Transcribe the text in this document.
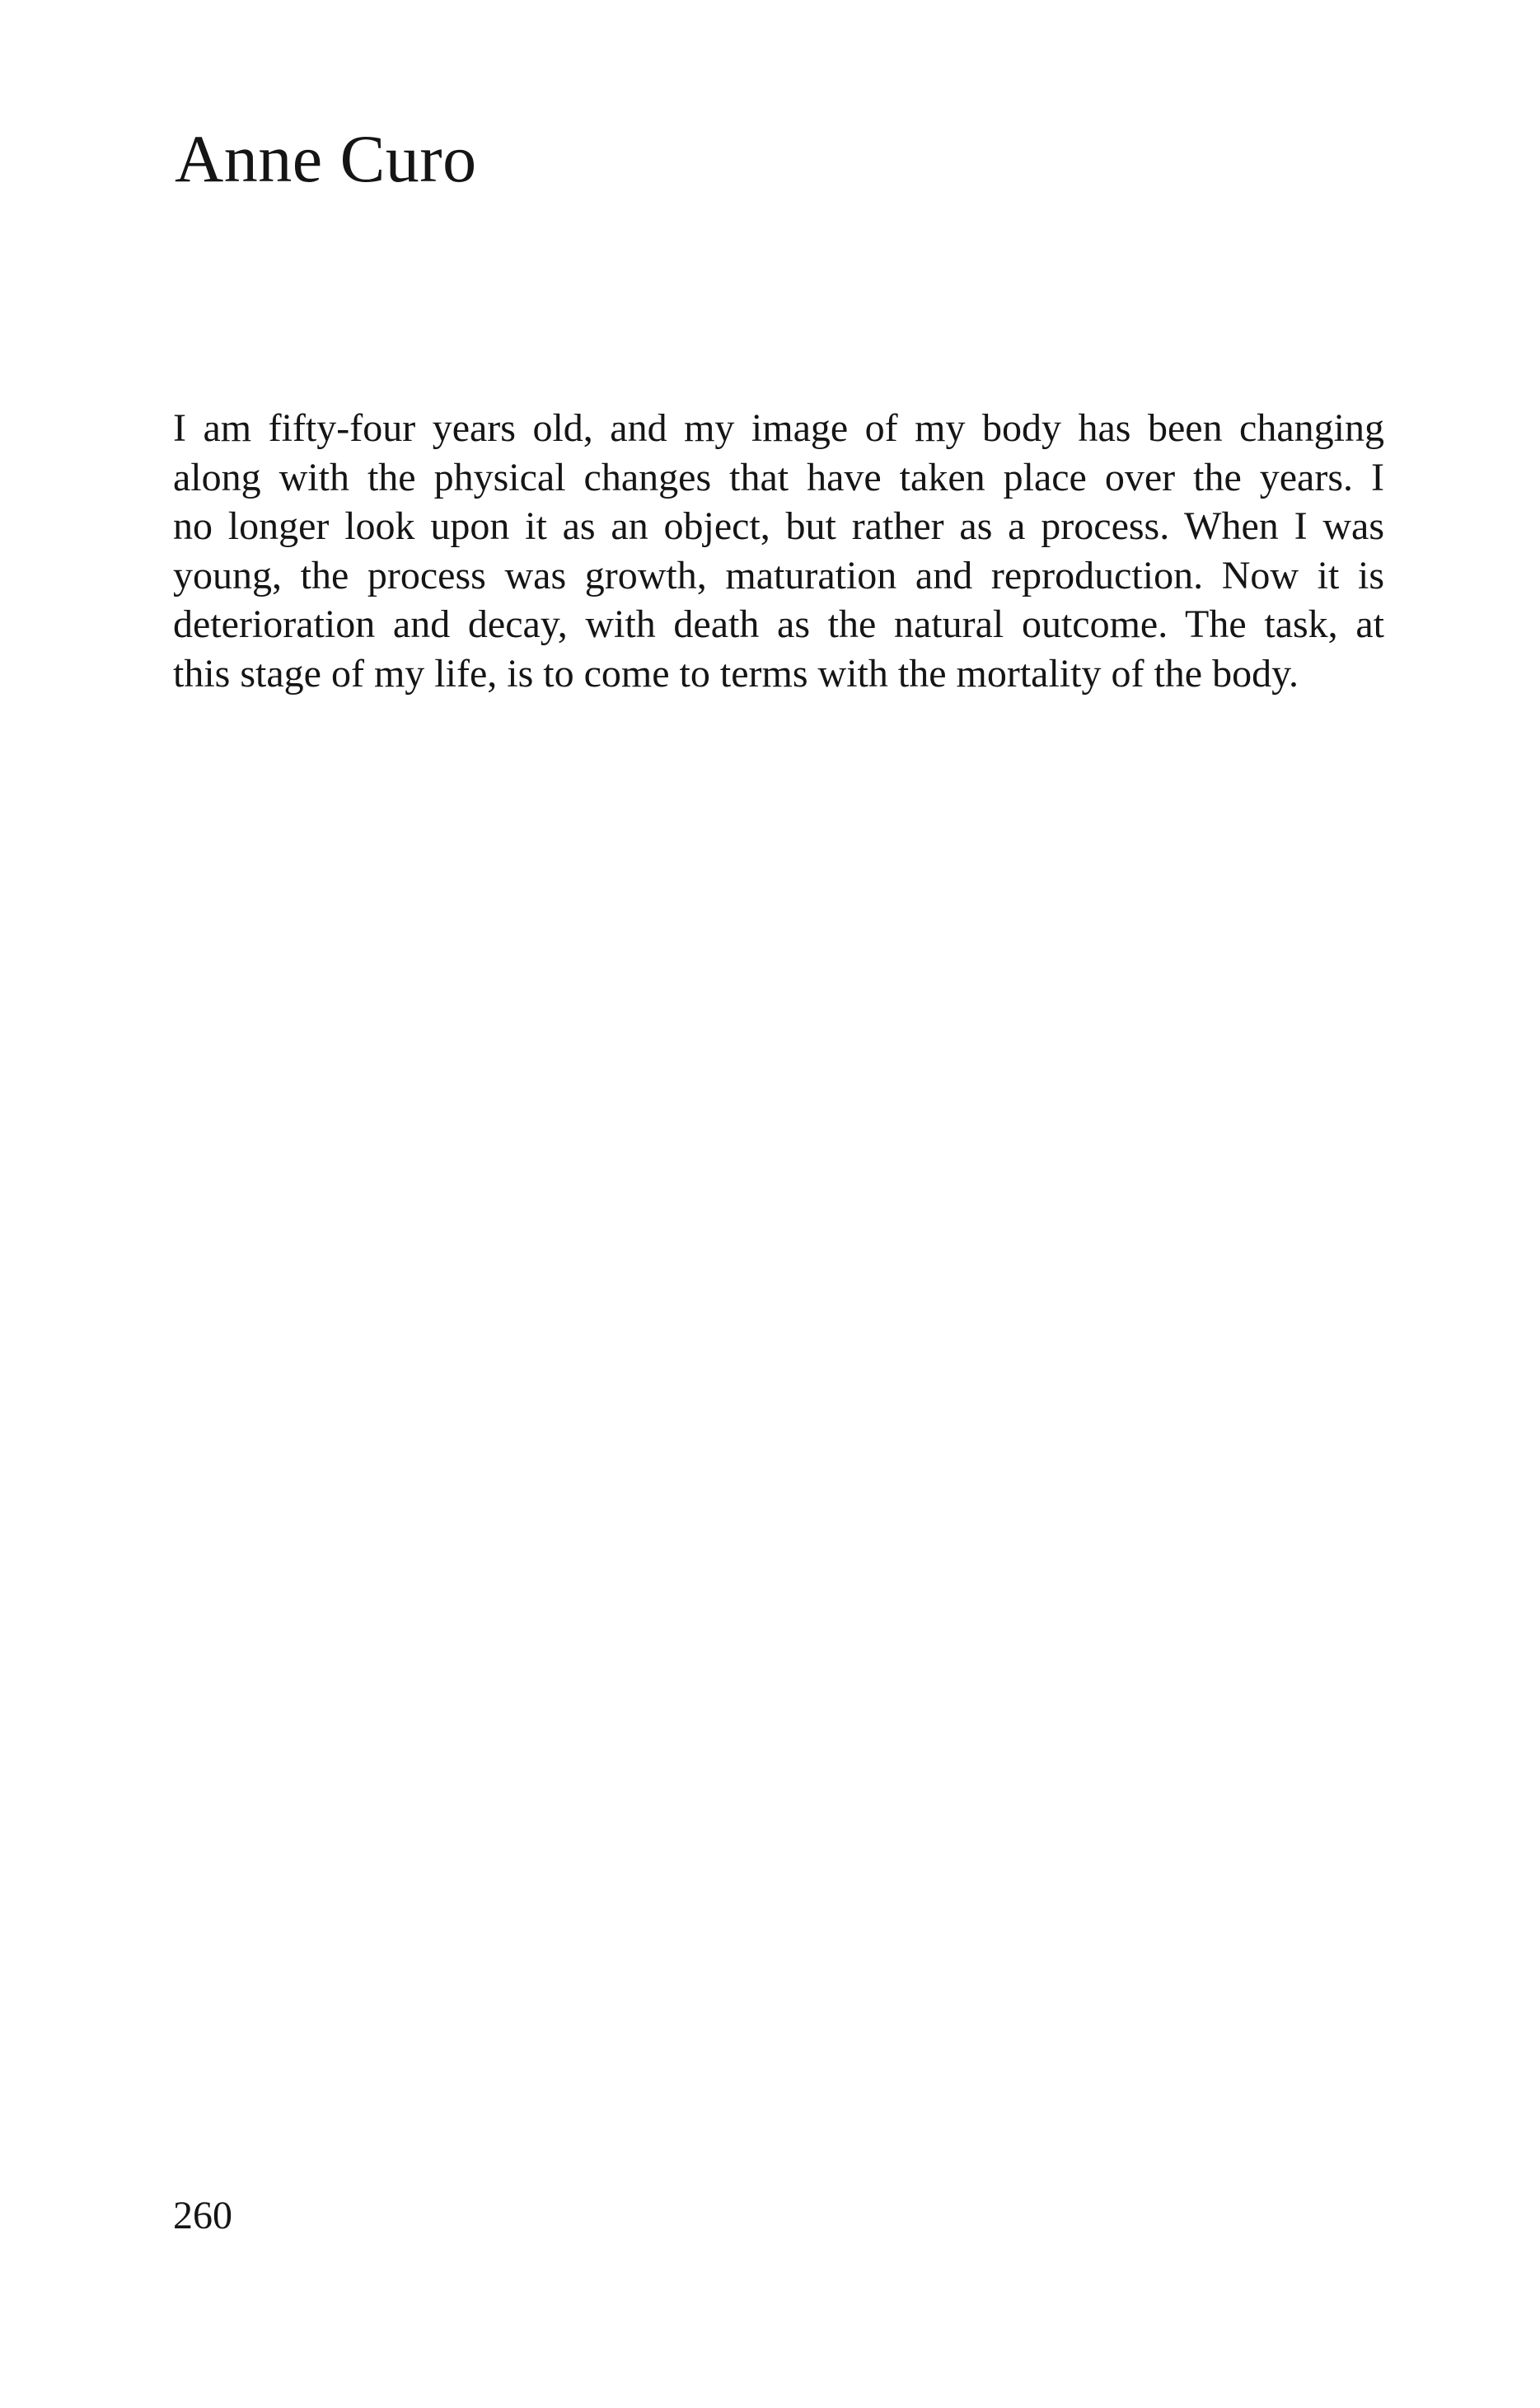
Anne Curo
I am fifty-four years old, and my image of my body has been changing
along with the physical changes that have taken place over the years. I
no longer look upon it as an object, but rather as a process. When I was
young, the process was growth, maturation and reproduction. Now it is
deterioration and decay, with death as the natural outcome. The task, at
this stage of my life, is to come to terms with the mortality of the body.
260
